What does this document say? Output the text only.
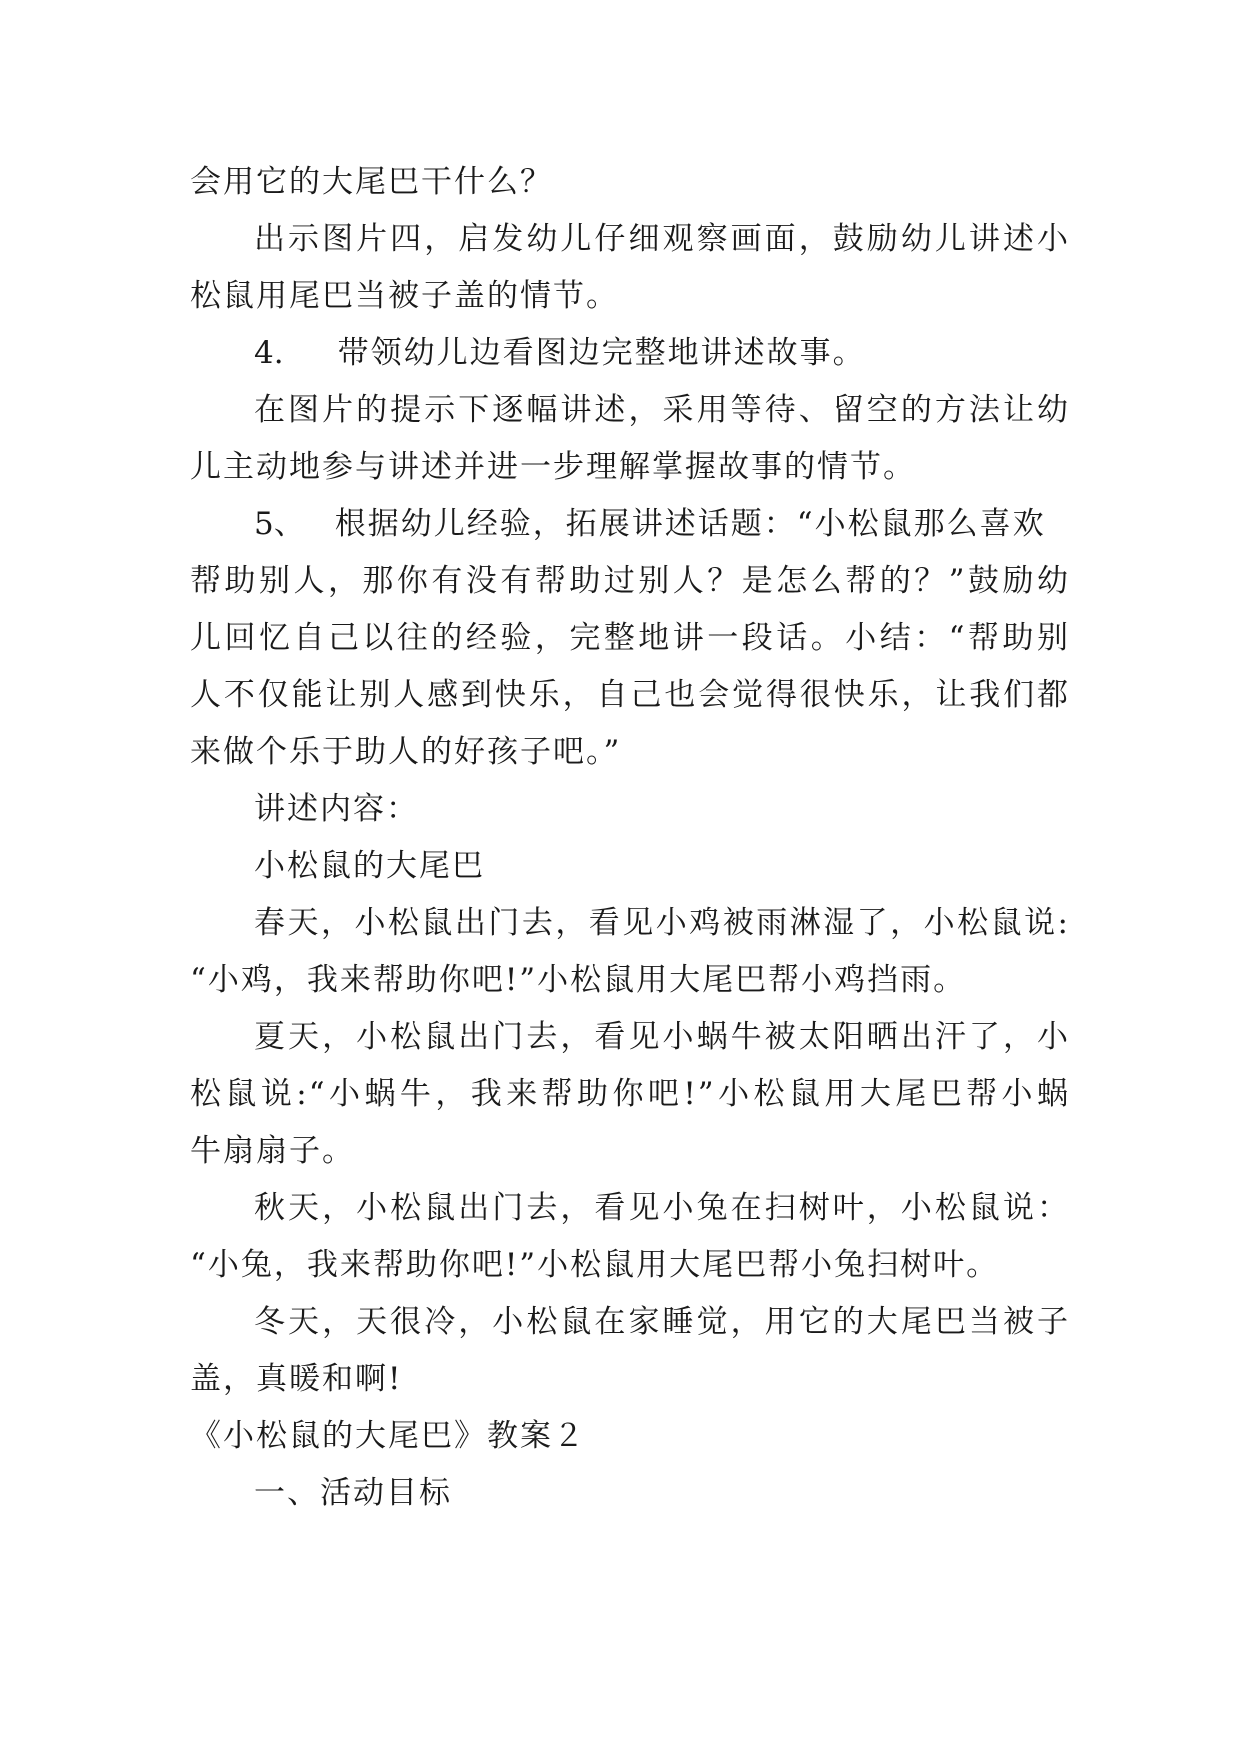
会用它的大尾巴干什么？
出示图片四，启发幼儿仔细观察画面，鼓励幼儿讲述小
松鼠用尾巴当被子盖的情节。
4. 带领幼儿边看图边完整地讲述故事。
在图片的提示下逐幅讲述，采用等待、留空的方法让幼
儿主动地参与讲述并进一步理解掌握故事的情节。
5、 根据幼儿经验，拓展讲述话题：“小松鼠那么喜欢
帮助别人，那你有没有帮助过别人？是怎么帮的？”鼓励幼
儿回忆自己以往的经验，完整地讲一段话。小结：“帮助别
人不仅能让别人感到快乐，自己也会觉得很快乐，让我们都
来做个乐于助人的好孩子吧。”
讲述内容：
小松鼠的大尾巴
春天，小松鼠出门去，看见小鸡被雨淋湿了，小松鼠说:
“小鸡，我来帮助你吧!”小松鼠用大尾巴帮小鸡挡雨。
夏天，小松鼠出门去，看见小蜗牛被太阳晒出汗了，小
松鼠说:“小蜗牛，我来帮助你吧!”小松鼠用大尾巴帮小蜗
牛扇扇子。
秋天，小松鼠出门去，看见小兔在扫树叶，小松鼠说：
“小兔，我来帮助你吧!”小松鼠用大尾巴帮小兔扫树叶。
冬天，天很冷，小松鼠在家睡觉，用它的大尾巴当被子
盖，真暖和啊!
《小松鼠的大尾巴》教案２
一、活动目标
